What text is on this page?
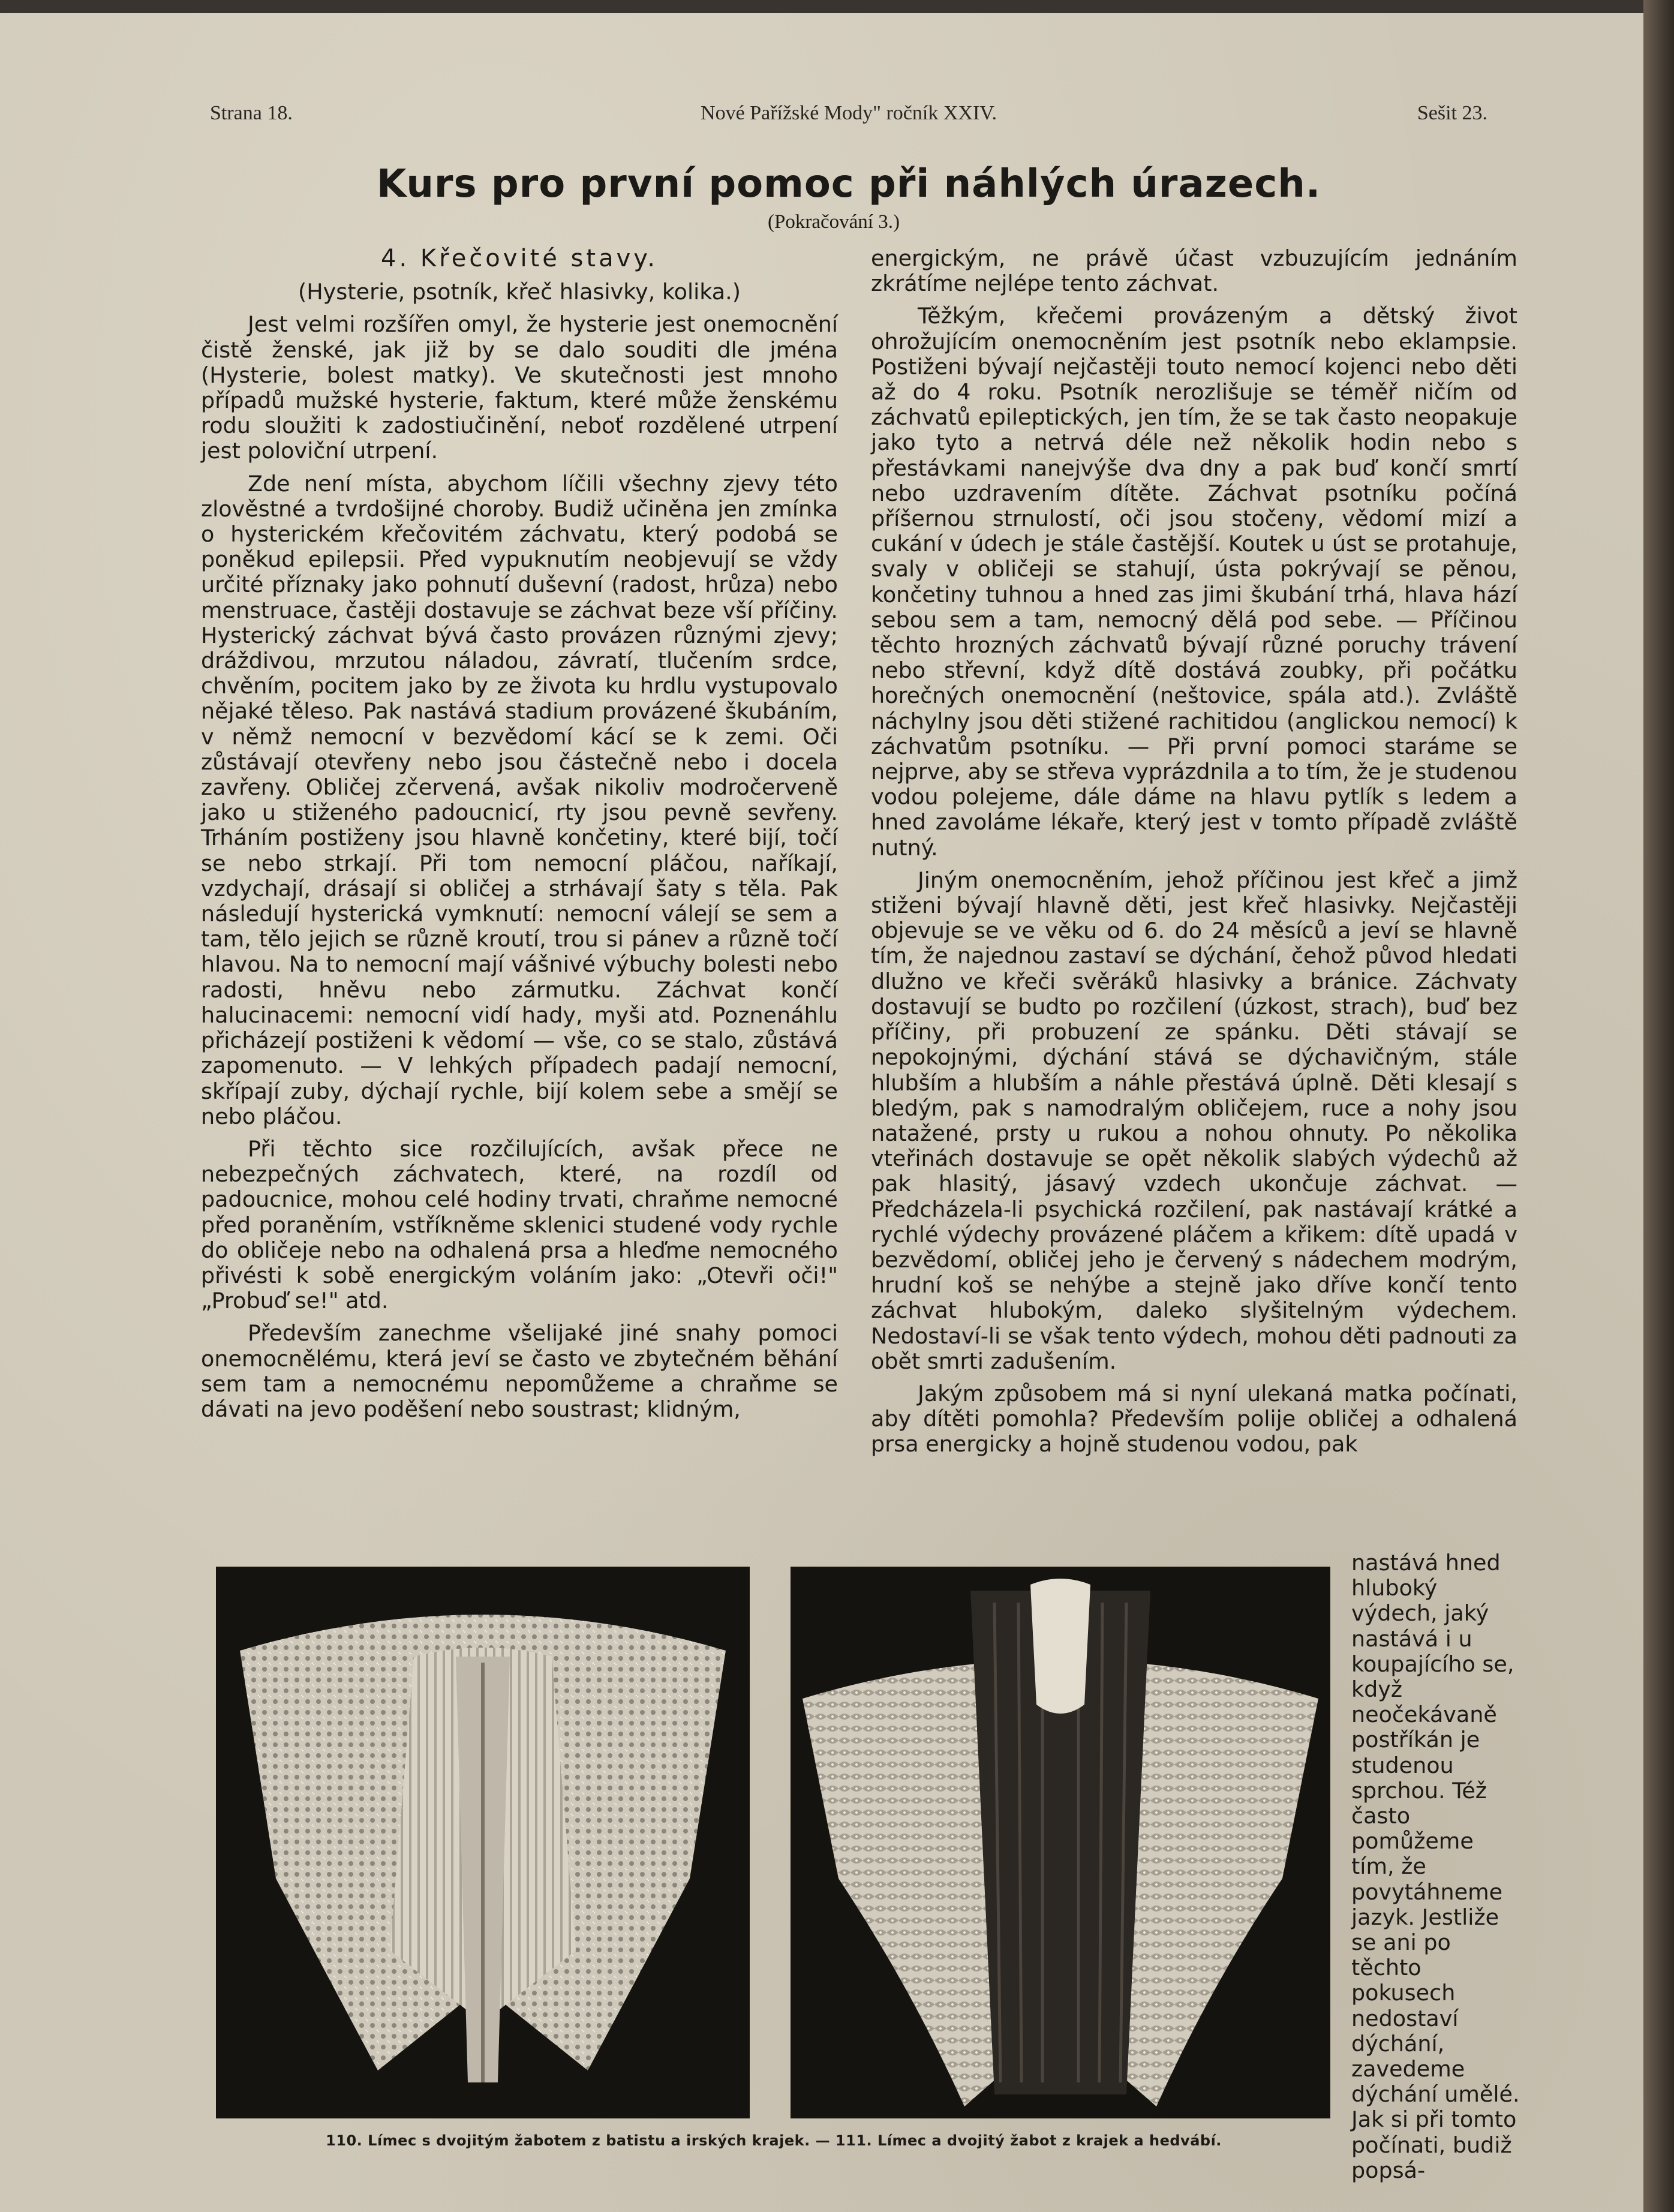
Strana 18.	Nové Pařížské Mody" ročník XXIV.	Sešit 23.
Kurs pro první pomoc při náhlých úrazech.
(Pokračování 3.)
4. Křečovité stavy.
(Hysterie, psotník, křeč hlasivky, kolika.)

Jest velmi rozšířen omyl, že hysterie jest onemocnění čistě ženské, jak již by se dalo souditi dle jména (Hysterie, bolest matky). Ve skutečnosti jest mnoho případů mužské hysterie, faktum, které může ženskému rodu sloužiti k zadostiučinění, neboť rozdělené utrpení jest poloviční utrpení.

Zde není místa, abychom líčili všechny zjevy této zlověstné a tvrdošijné choroby. Budiž učiněna jen zmínka o hysterickém křečovitém záchvatu, který podobá se poněkud epilepsii. Před vypuknutím neobjevují se vždy určité příznaky jako pohnutí duševní (radost, hrůza) nebo menstruace, častěji dostavuje se záchvat beze vší příčiny. Hysterický záchvat bývá často provázen různými zjevy; dráždivou, mrzutou náladou, závratí, tlučením srdce, chvěním, pocitem jako by ze života ku hrdlu vystupovalo nějaké těleso. Pak nastává stadium provázené škubáním, v němž nemocní v bezvědomí kácí se k zemi. Oči zůstávají otevřeny nebo jsou částečně nebo i docela zavřeny. Obličej zčervená, avšak nikoliv modročerveně jako u stiženého padoucnicí, rty jsou pevně sevřeny. Trháním postiženy jsou hlavně končetiny, které bijí, točí se nebo strkají. Při tom nemocní pláčou, naříkají, vzdychají, drásají si obličej a strhávají šaty s těla. Pak následují hysterická vymknutí: nemocní válejí se sem a tam, tělo jejich se různě kroutí, trou si pánev a různě točí hlavou. Na to nemocní mají vášnivé výbuchy bolesti nebo radosti, hněvu nebo zármutku. Záchvat končí halucinacemi: nemocní vidí hady, myši atd. Poznenáhlu přicházejí postiženi k vědomí — vše, co se stalo, zůstává zapomenuto. — V lehkých případech padají nemocní, skřípají zuby, dýchají rychle, bijí kolem sebe a smějí se nebo pláčou.

Při těchto sice rozčilujících, avšak přece ne nebezpečných záchvatech, které, na rozdíl od padoucnice, mohou celé hodiny trvati, chraňme nemocné před poraněním, vstříkněme sklenici studené vody rychle do obličeje nebo na odhalená prsa a hleďme nemocného přivésti k sobě energickým voláním jako: „Otevři oči!" „Probuď se!" atd.

Především zanechme všelijaké jiné snahy pomoci onemocnělému, která jeví se často ve zbytečném běhání sem tam a nemocnému nepomůžeme a chraňme se dávati na jevo poděšení nebo soustrast; klidným,

energickým, ne právě účast vzbuzujícím jednáním zkrátíme nejlépe tento záchvat.

Těžkým, křečemi provázeným a dětský život ohrožujícím onemocněním jest psotník nebo eklampsie. Postiženi bývají nejčastěji touto nemocí kojenci nebo děti až do 4 roku. Psotník nerozlišuje se téměř ničím od záchvatů epileptických, jen tím, že se tak často neopakuje jako tyto a netrvá déle než několik hodin nebo s přestávkami nanejvýše dva dny a pak buď končí smrtí nebo uzdravením dítěte. Záchvat psotníku počíná příšernou strnulostí, oči jsou stočeny, vědomí mizí a cukání v údech je stále častější. Koutek u úst se protahuje, svaly v obličeji se stahují, ústa pokrývají se pěnou, končetiny tuhnou a hned zas jimi škubání trhá, hlava hází sebou sem a tam, nemocný dělá pod sebe. — Příčinou těchto hrozných záchvatů bývají různé poruchy trávení nebo střevní, když dítě dostává zoubky, při počátku horečných onemocnění (neštovice, spála atd.). Zvláště náchylny jsou děti stižené rachitidou (anglickou nemocí) k záchvatům psotníku. — Při první pomoci staráme se nejprve, aby se střeva vyprázdnila a to tím, že je studenou vodou polejeme, dále dáme na hlavu pytlík s ledem a hned zavoláme lékaře, který jest v tomto případě zvláště nutný.

Jiným onemocněním, jehož příčinou jest křeč a jimž stiženi bývají hlavně děti, jest křeč hlasivky. Nejčastěji objevuje se ve věku od 6. do 24 měsíců a jeví se hlavně tím, že najednou zastaví se dýchání, čehož původ hledati dlužno ve křeči svěráků hlasivky a bránice. Záchvaty dostavují se budto po rozčilení (úzkost, strach), buď bez příčiny, při probuzení ze spánku. Děti stávají se nepokojnými, dýchání stává se dýchavičným, stále hlubším a hlubším a náhle přestává úplně. Děti klesají s bledým, pak s namodralým obličejem, ruce a nohy jsou natažené, prsty u rukou a nohou ohnuty. Po několika vteřinách dostavuje se opět několik slabých výdechů až pak hlasitý, jásavý vzdech ukončuje záchvat. — Předcházela-li psychická rozčilení, pak nastávají krátké a rychlé výdechy provázené pláčem a křikem: dítě upadá v bezvědomí, obličej jeho je červený s nádechem modrým, hrudní koš se nehýbe a stejně jako dříve končí tento záchvat hlubokým, daleko slyšitelným výdechem. Nedostaví-li se však tento výdech, mohou děti padnouti za obět smrti zadušením.

Jakým způsobem má si nyní ulekaná matka počínati, aby dítěti pomohla? Především polije obličej a odhalená prsa energicky a hojně studenou vodou, pak

nastává hned hluboký výdech, jaký nastává i u koupajícího se, když neočekávaně postříkán je studenou sprchou. Též často pomůžeme tím, že povytáhneme jazyk. Jestliže se ani po těchto pokusech nedostaví dýchání, zavedeme dýchání umělé. Jak si při tomto počínati, budiž popsá-
110. Límec s dvojitým žabotem z batistu a irských krajek. — 111. Límec a dvojitý žabot z krajek a hedvábí.
